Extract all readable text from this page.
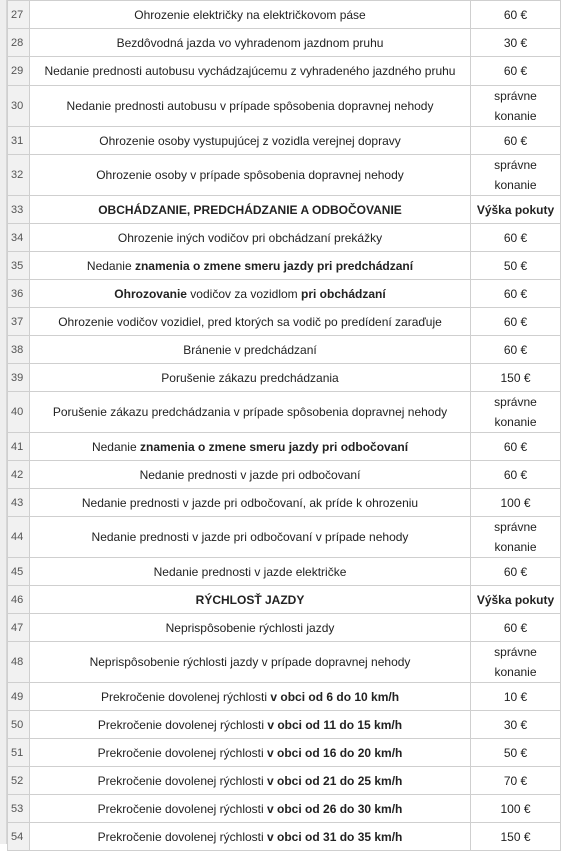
27	Ohrozenie električky na električkovom páse	60 €
28	Bezdôvodná jazda vo vyhradenom jazdnom pruhu	30 €
29	Nedanie prednosti autobusu vychádzajúcemu z vyhradeného jazdného pruhu	60 €
30	Nedanie prednosti autobusu v prípade spôsobenia dopravnej nehody	správne konanie
31	Ohrozenie osoby vystupujúcej z vozidla verejnej dopravy	60 €
32	Ohrozenie osoby v prípade spôsobenia dopravnej nehody	správne konanie
33	OBCHÁDZANIE, PREDCHÁDZANIE A ODBOČOVANIE	Výška pokuty
34	Ohrozenie iných vodičov pri obchádzaní prekážky	60 €
35	Nedanie znamenia o zmene smeru jazdy pri predchádzaní	50 €
36	Ohrozovanie vodičov za vozidlom pri obchádzaní	60 €
37	Ohrozenie vodičov vozidiel, pred ktorých sa vodič po predídení zaraďuje	60 €
38	Bránenie v predchádzaní	60 €
39	Porušenie zákazu predchádzania	150 €
40	Porušenie zákazu predchádzania v prípade spôsobenia dopravnej nehody	správne konanie
41	Nedanie znamenia o zmene smeru jazdy pri odbočovaní	60 €
42	Nedanie prednosti v jazde pri odbočovaní	60 €
43	Nedanie prednosti v jazde pri odbočovaní, ak príde k ohrozeniu	100 €
44	Nedanie prednosti v jazde pri odbočovaní v prípade nehody	správne konanie
45	Nedanie prednosti v jazde električke	60 €
46	RÝCHLOSŤ JAZDY	Výška pokuty
47	Neprispôsobenie rýchlosti jazdy	60 €
48	Neprispôsobenie rýchlosti jazdy v prípade dopravnej nehody	správne konanie
49	Prekročenie dovolenej rýchlosti v obci od 6 do 10 km/h	10 €
50	Prekročenie dovolenej rýchlosti v obci od 11 do 15 km/h	30 €
51	Prekročenie dovolenej rýchlosti v obci od 16 do 20 km/h	50 €
52	Prekročenie dovolenej rýchlosti v obci od 21 do 25 km/h	70 €
53	Prekročenie dovolenej rýchlosti v obci od 26 do 30 km/h	100 €
54	Prekročenie dovolenej rýchlosti v obci od 31 do 35 km/h	150 €
